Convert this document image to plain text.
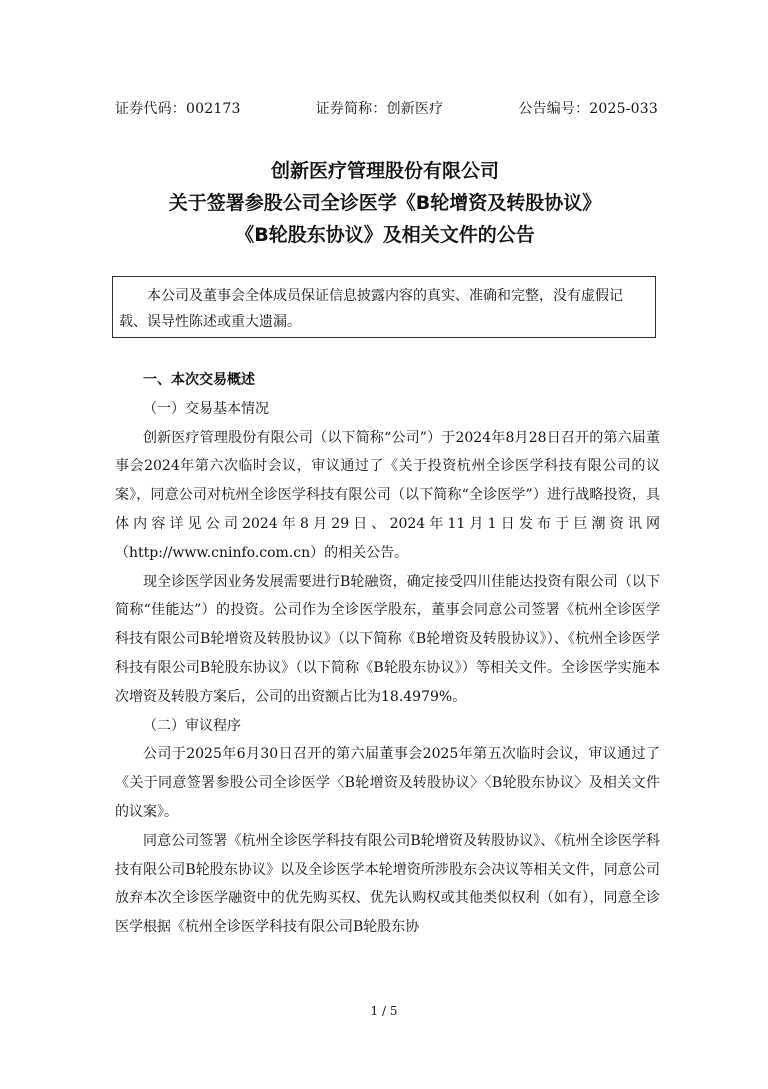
证券代码：002173	证券简称：创新医疗	公告编号：2025-033
创新医疗管理股份有限公司
关于签署参股公司全诊医学《B轮增资及转股协议》
《B轮股东协议》及相关文件的公告
本公司及董事会全体成员保证信息披露内容的真实、准确和完整，没有虚假记载、误导性陈述或重大遗漏。
一、本次交易概述
（一）交易基本情况

创新医疗管理股份有限公司（以下简称“公司”）于2024年8月28日召开的第六届董事会2024年第六次临时会议，审议通过了《关于投资杭州全诊医学科技有限公司的议案》，同意公司对杭州全诊医学科技有限公司（以下简称“全诊医学”）进行战略投资，具体内容详见公司2024年8月29日、2024年11月1日发布于巨潮资讯网（http://www.cninfo.com.cn）的相关公告。

现全诊医学因业务发展需要进行B轮融资，确定接受四川佳能达投资有限公司（以下简称“佳能达”）的投资。公司作为全诊医学股东，董事会同意公司签署《杭州全诊医学科技有限公司B轮增资及转股协议》（以下简称《B轮增资及转股协议》）、《杭州全诊医学科技有限公司B轮股东协议》（以下简称《B轮股东协议》）等相关文件。全诊医学实施本次增资及转股方案后，公司的出资额占比为18.4979%。

（二）审议程序

公司于2025年6月30日召开的第六届董事会2025年第五次临时会议，审议通过了《关于同意签署参股公司全诊医学〈B轮增资及转股协议〉〈B轮股东协议〉及相关文件的议案》。

同意公司签署《杭州全诊医学科技有限公司B轮增资及转股协议》、《杭州全诊医学科技有限公司B轮股东协议》以及全诊医学本轮增资所涉股东会决议等相关文件，同意公司放弃本次全诊医学融资中的优先购买权、优先认购权或其他类似权利（如有），同意全诊医学根据《杭州全诊医学科技有限公司B轮股东协

1 / 5
